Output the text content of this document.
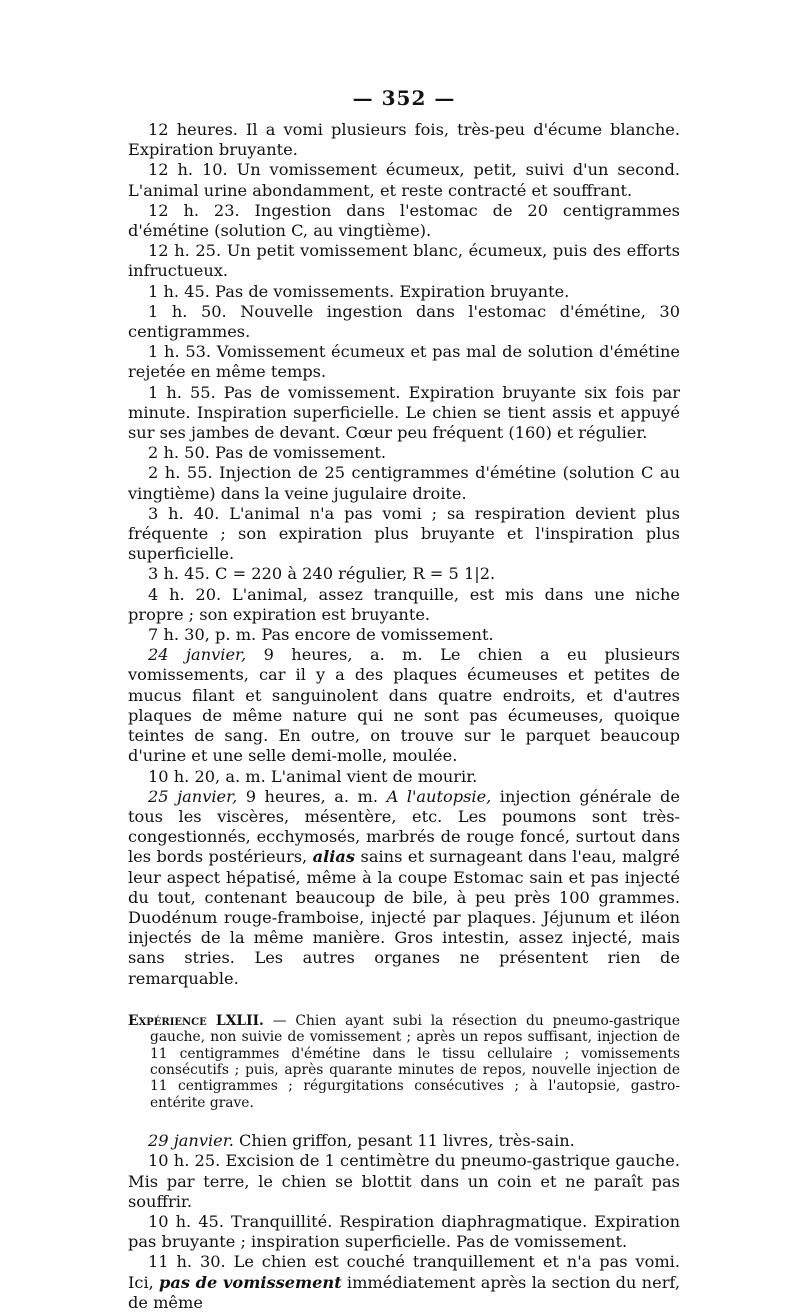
— 352 —

12 heures. Il a vomi plusieurs fois, très-peu d'écume blanche. Expiration bruyante.

12 h. 10. Un vomissement écumeux, petit, suivi d'un second. L'animal urine abondamment, et reste contracté et souffrant.

12 h. 23. Ingestion dans l'estomac de 20 centigrammes d'émétine (solution C, au vingtième).

12 h. 25. Un petit vomissement blanc, écumeux, puis des efforts infructueux.

1 h. 45. Pas de vomissements. Expiration bruyante.

1 h. 50. Nouvelle ingestion dans l'estomac d'émétine, 30 centigrammes.

1 h. 53. Vomissement écumeux et pas mal de solution d'émétine rejetée en même temps.

1 h. 55. Pas de vomissement. Expiration bruyante six fois par minute. Inspiration superficielle. Le chien se tient assis et appuyé sur ses jambes de devant. Cœur peu fréquent (160) et régulier.

2 h. 50. Pas de vomissement.

2 h. 55. Injection de 25 centigrammes d'émétine (solution C au vingtième) dans la veine jugulaire droite.

3 h. 40. L'animal n'a pas vomi ; sa respiration devient plus fréquente ; son expiration plus bruyante et l'inspiration plus superficielle.

3 h. 45. C = 220 à 240 régulier, R = 5 1|2.

4 h. 20. L'animal, assez tranquille, est mis dans une niche propre ; son expiration est bruyante.

7 h. 30, p. m. Pas encore de vomissement.

24 janvier, 9 heures, a. m. Le chien a eu plusieurs vomissements, car il y a des plaques écumeuses et petites de mucus filant et sanguinolent dans quatre endroits, et d'autres plaques de même nature qui ne sont pas écumeuses, quoique teintes de sang. En outre, on trouve sur le parquet beaucoup d'urine et une selle demi-molle, moulée.

10 h. 20, a. m. L'animal vient de mourir.

25 janvier, 9 heures, a. m. A l'autopsie, injection générale de tous les viscères, mésentère, etc. Les poumons sont très-congestionnés, ecchymosés, marbrés de rouge foncé, surtout dans les bords postérieurs, alias sains et surnageant dans l'eau, malgré leur aspect hépatisé, même à la coupe Estomac sain et pas injecté du tout, contenant beaucoup de bile, à peu près 100 grammes. Duodénum rouge-framboise, injecté par plaques. Jéjunum et iléon injectés de la même manière. Gros intestin, assez injecté, mais sans stries. Les autres organes ne présentent rien de remarquable.

Expérience LXLII. — Chien ayant subi la résection du pneumo-gastrique gauche, non suivie de vomissement ; après un repos suffisant, injection de 11 centigrammes d'émétine dans le tissu cellulaire ; vomissements consécutifs ; puis, après quarante minutes de repos, nouvelle injection de 11 centigrammes ; régurgitations consécutives ; à l'autopsie, gastro-entérite grave.

29 janvier. Chien griffon, pesant 11 livres, très-sain.

10 h. 25. Excision de 1 centimètre du pneumo-gastrique gauche. Mis par terre, le chien se blottit dans un coin et ne paraît pas souffrir.

10 h. 45. Tranquillité. Respiration diaphragmatique. Expiration pas bruyante ; inspiration superficielle. Pas de vomissement.

11 h. 30. Le chien est couché tranquillement et n'a pas vomi. Ici, pas de vomissement immédiatement après la section du nerf, de même
